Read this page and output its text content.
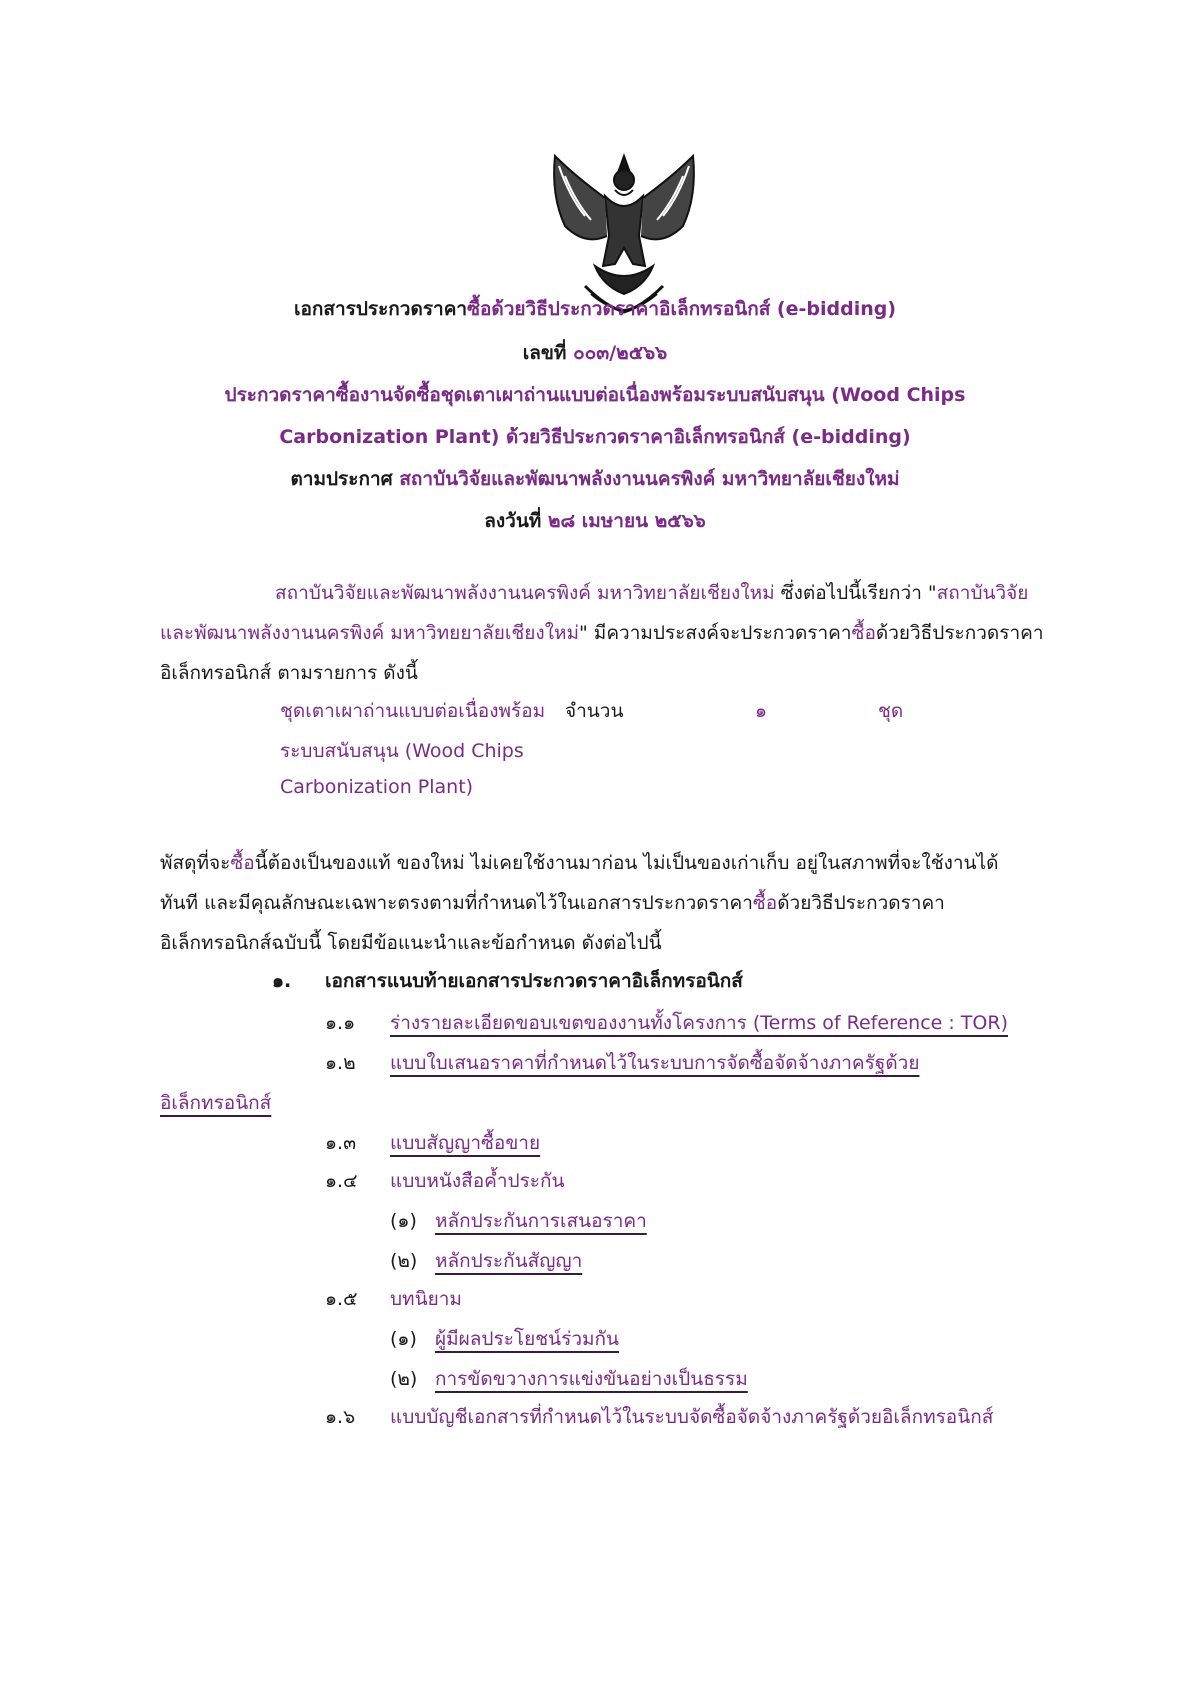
เอกสารประกวดราคาซื้อด้วยวิธีประกวดราคาอิเล็กทรอนิกส์ (e-bidding)
เลขที่ ๐๐๓/๒๕๖๖
ประกวดราคาซื้องานจัดซื้อชุดเตาเผาถ่านแบบต่อเนื่องพร้อมระบบสนับสนุน (Wood Chips
Carbonization Plant) ด้วยวิธีประกวดราคาอิเล็กทรอนิกส์ (e-bidding)
ตามประกาศ สถาบันวิจัยและพัฒนาพลังงานนครพิงค์ มหาวิทยาลัยเชียงใหม่
ลงวันที่ ๒๘ เมษายน ๒๕๖๖
สถาบันวิจัยและพัฒนาพลังงานนครพิงค์ มหาวิทยาลัยเชียงใหม่ ซึ่งต่อไปนี้เรียกว่า "สถาบันวิจัย
และพัฒนาพลังงานนครพิงค์ มหาวิทยยาลัยเชียงใหม่" มีความประสงค์จะประกวดราคาซื้อด้วยวิธีประกวดราคา
อิเล็กทรอนิกส์ ตามรายการ ดังนี้
ชุดเตาเผาถ่านแบบต่อเนื่องพร้อม จำนวน	๑	ชุด
ระบบสนับสนุน (Wood Chips
Carbonization Plant)
พัสดุที่จะซื้อนี้ต้องเป็นของแท้ ของใหม่ ไม่เคยใช้งานมาก่อน ไม่เป็นของเก่าเก็บ อยู่ในสภาพที่จะใช้งานได้
ทันที และมีคุณลักษณะเฉพาะตรงตามที่กำหนดไว้ในเอกสารประกวดราคาซื้อด้วยวิธีประกวดราคา
อิเล็กทรอนิกส์ฉบับนี้ โดยมีข้อแนะนำและข้อกำหนด ดังต่อไปนี้
๑. เอกสารแนบท้ายเอกสารประกวดราคาอิเล็กทรอนิกส์
๑.๑ ร่างรายละเอียดขอบเขตของงานทั้งโครงการ (Terms of Reference : TOR)
๑.๒ แบบใบเสนอราคาที่กำหนดไว้ในระบบการจัดซื้อจัดจ้างภาครัฐด้วย
อิเล็กทรอนิกส์
๑.๓ แบบสัญญาซื้อขาย
๑.๔ แบบหนังสือค้ำประกัน
(๑) หลักประกันการเสนอราคา
(๒) หลักประกันสัญญา
๑.๕ บทนิยาม
(๑) ผู้มีผลประโยชน์ร่วมกัน
(๒) การขัดขวางการแข่งขันอย่างเป็นธรรม
๑.๖ แบบบัญชีเอกสารที่กำหนดไว้ในระบบจัดซื้อจัดจ้างภาครัฐด้วยอิเล็กทรอนิกส์
